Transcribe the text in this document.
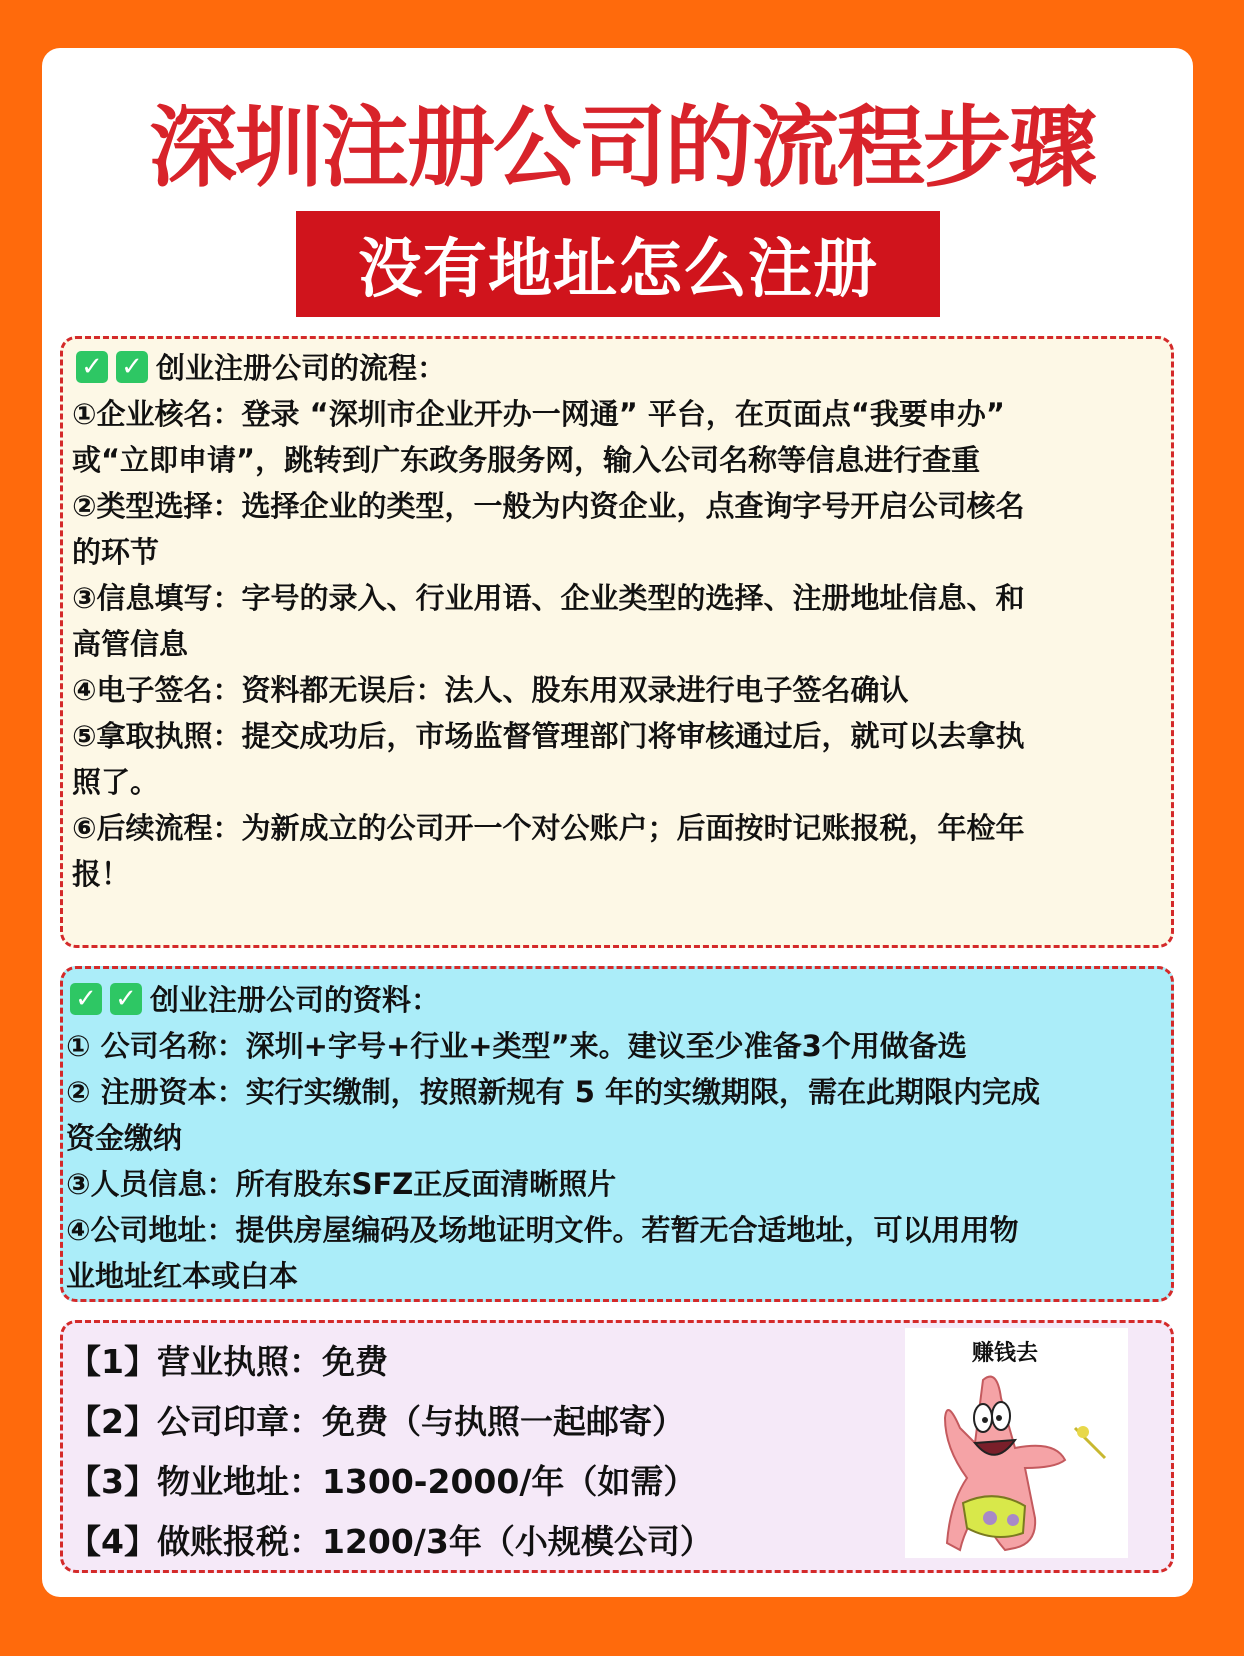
深圳注册公司的流程步骤
没有地址怎么注册
✓ ✓ 创业注册公司的流程：
①企业核名：登录 “深圳市企业开办一网通” 平台，在页面点“我要申办”
或“立即申请”，跳转到广东政务服务网，输入公司名称等信息进行查重
②类型选择：选择企业的类型，一般为内资企业，点查询字号开启公司核名
的环节
③信息填写：字号的录入、行业用语、企业类型的选择、注册地址信息、和
高管信息
④电子签名：资料都无误后：法人、股东用双录进行电子签名确认
⑤拿取执照：提交成功后，市场监督管理部门将审核通过后，就可以去拿执
照了。
⑥后续流程：为新成立的公司开一个对公账户；后面按时记账报税，年检年
报！
✓ ✓ 创业注册公司的资料：
① 公司名称：深圳+字号+行业+类型”来。建议至少准备3个用做备选
② 注册资本：实行实缴制，按照新规有 5 年的实缴期限，需在此期限内完成
资金缴纳
③人员信息：所有股东SFZ正反面清晰照片
④公司地址：提供房屋编码及场地证明文件。若暂无合适地址，可以用用物
业地址红本或白本
【1】营业执照：免费
【2】公司印章：免费（与执照一起邮寄）
【3】物业地址：1300-2000/年（如需）
【4】做账报税：1200/3年（小规模公司）
赚钱去
